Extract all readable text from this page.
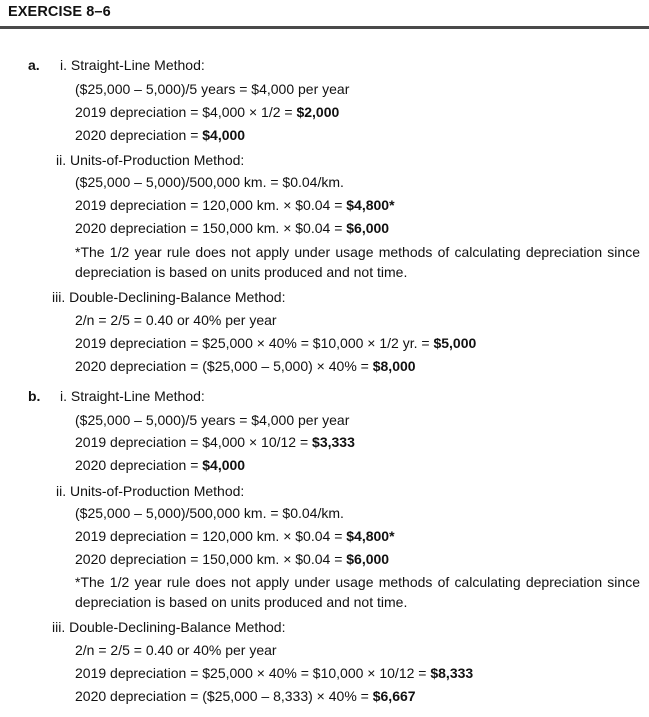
EXERCISE 8–6
a. i. Straight-Line Method:
($25,000 – 5,000)/5 years = $4,000 per year
2019 depreciation = $4,000 × 1/2 = $2,000
2020 depreciation = $4,000
ii. Units-of-Production Method:
($25,000 – 5,000)/500,000 km. = $0.04/km.
2019 depreciation = 120,000 km. × $0.04 = $4,800*
2020 depreciation = 150,000 km. × $0.04 = $6,000
*The 1/2 year rule does not apply under usage methods of calculating depreciation since depreciation is based on units produced and not time.
iii. Double-Declining-Balance Method:
2/n = 2/5 = 0.40 or 40% per year
2019 depreciation = $25,000 × 40% = $10,000 × 1/2 yr. = $5,000
2020 depreciation = ($25,000 – 5,000) × 40% = $8,000
b. i. Straight-Line Method:
($25,000 – 5,000)/5 years = $4,000 per year
2019 depreciation = $4,000 × 10/12 = $3,333
2020 depreciation = $4,000
ii. Units-of-Production Method:
($25,000 – 5,000)/500,000 km. = $0.04/km.
2019 depreciation = 120,000 km. × $0.04 = $4,800*
2020 depreciation = 150,000 km. × $0.04 = $6,000
*The 1/2 year rule does not apply under usage methods of calculating depreciation since depreciation is based on units produced and not time.
iii. Double-Declining-Balance Method:
2/n = 2/5 = 0.40 or 40% per year
2019 depreciation = $25,000 × 40% = $10,000 × 10/12 = $8,333
2020 depreciation = ($25,000 – 8,333) × 40% = $6,667
